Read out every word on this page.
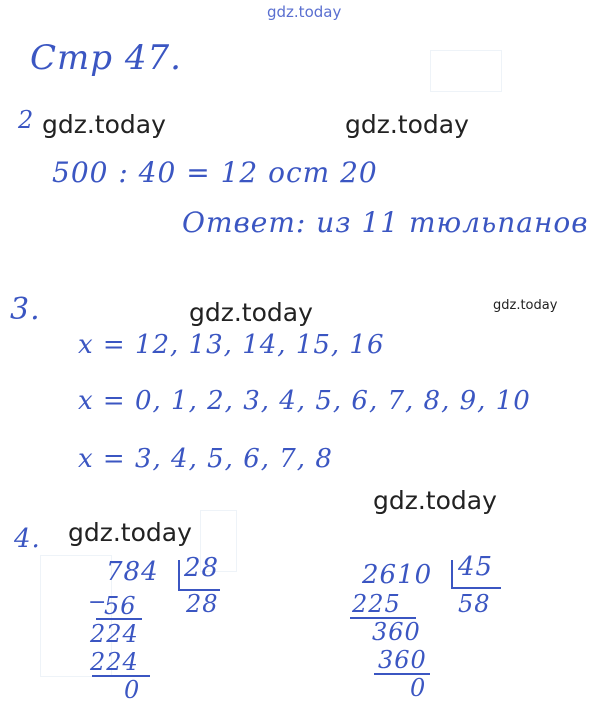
gdz.today
gdz.today	gdz.today
gdz.today	gdz.today
gdz.today
gdz.today
Стр 47.
2
500 : 40 = 12 ост 20
Ответ: из 11 тюльпанов
3.
x = 12, 13, 14, 15, 16
x = 0, 1, 2, 3, 4, 5, 6, 7, 8, 9, 10
x = 3, 4, 5, 6, 7, 8
4.
784 28
28
−
56
224
224
0
2610 45
58
225
360
360
0
